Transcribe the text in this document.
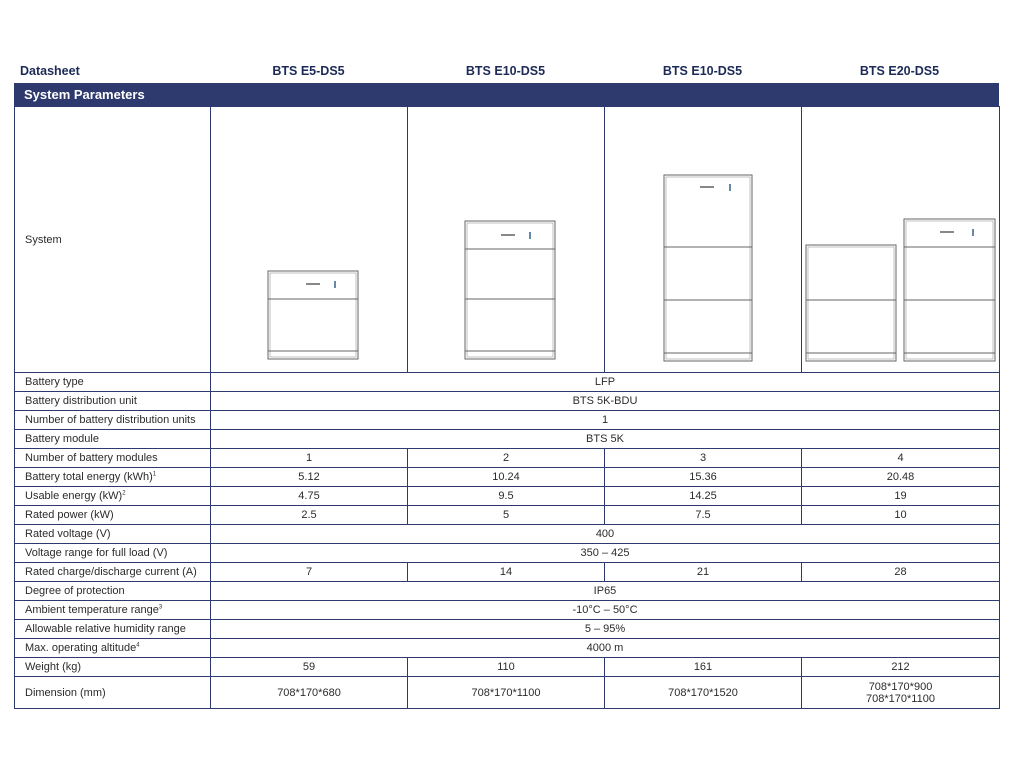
Datasheet	BTS E5-DS5	BTS E10-DS5	BTS E10-DS5	BTS E20-DS5
System Parameters
System	

Battery type	LFP			
Battery distribution unit	BTS 5K-BDU			
Number of battery distribution units	1			
Battery module	BTS 5K			
Number of battery modules	1	2	3	4
Battery total energy (kWh)$^1$	5.12	10.24	15.36	20.48
Usable energy (kW)$^2$	4.75	9.5	14.25	19
Rated power (kW)	2.5	5	7.5	10
Rated voltage (V)	400			
Voltage range for full load (V)	350 – 425			
Rated charge/discharge current (A)	7	14	21	28
Degree of protection	IP65			
Ambient temperature range$^3$	-10°C – 50°C			
Allowable relative humidity range	5 – 95%			
Max. operating altitude$^4$	4000 m			
Weight (kg)	59	110	161	212
Dimension (mm)	708*170*680	708*170*1100	708*170*1520	708*170*900
708*170*1100
